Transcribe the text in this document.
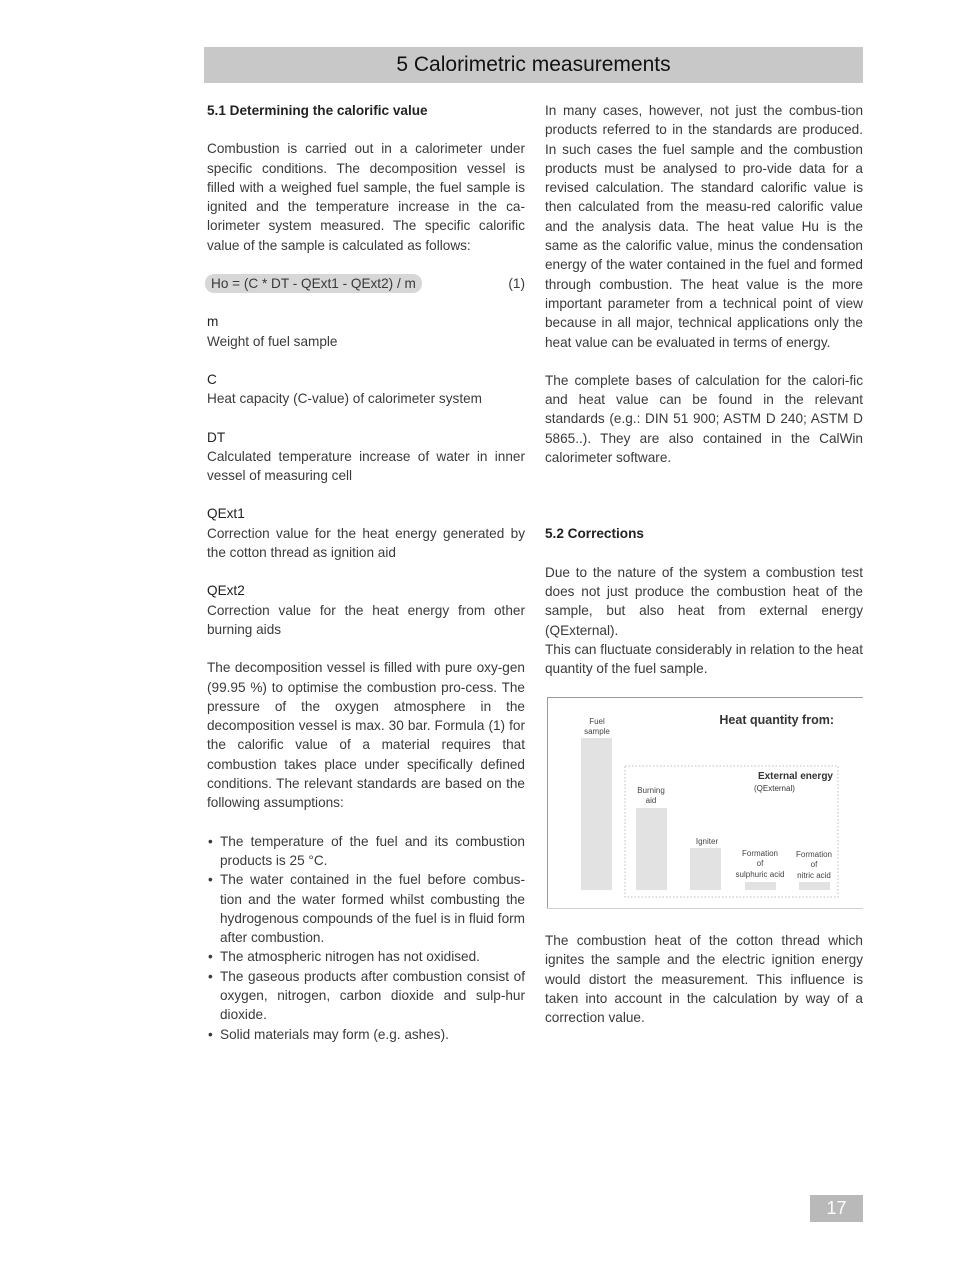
5 Calorimetric measurements

5.1 Determining the calorific value

Combustion is carried out in a calorimeter under specific conditions. The decomposition vessel is filled with a weighed fuel sample, the fuel sample is ignited and the temperature increase in the ca-lorimeter system measured. The specific calorific value of the sample is calculated as follows:

Ho = (C * DT - QExt1 - QExt2) / m	(1)
m

Weight of fuel sample

C

Heat capacity (C-value) of calorimeter system

DT

Calculated temperature increase of water in inner vessel of measuring cell

QExt1

Correction value for the heat energy generated by the cotton thread as ignition aid

QExt2

Correction value for the heat energy from other burning aids

The decomposition vessel is filled with pure oxy-gen (99.95 %) to optimise the combustion pro-cess. The pressure of the oxygen atmosphere in the decomposition vessel is max. 30 bar. Formula (1) for the calorific value of a material requires that combustion takes place under specifically defined conditions. The relevant standards are based on the following assumptions:

• The temperature of the fuel and its combustion products is 25 °C.
• The water contained in the fuel before combus-tion and the water formed whilst combusting the hydrogenous compounds of the fuel is in fluid form after combustion.
• The atmospheric nitrogen has not oxidised.
• The gaseous products after combustion consist of oxygen, nitrogen, carbon dioxide and sulp-hur dioxide.
• Solid materials may form (e.g. ashes).

In many cases, however, not just the combus-tion products referred to in the standards are produced. In such cases the fuel sample and the combustion products must be analysed to pro-vide data for a revised calculation. The standard calorific value is then calculated from the measu-red calorific value and the analysis data. The heat value Hu is the same as the calorific value, minus the condensation energy of the water contained in the fuel and formed through combustion. The heat value is the more important parameter from a technical point of view because in all major, technical applications only the heat value can be evaluated in terms of energy.

The complete bases of calculation for the calori-fic and heat value can be found in the relevant standards (e.g.: DIN 51 900; ASTM D 240; ASTM D 5865..). They are also contained in the CalWin calorimeter software.

5.2 Corrections

Due to the nature of the system a combustion test does not just produce the combustion heat of the sample, but also heat from external energy (QExternal).

This can fluctuate considerably in relation to the heat quantity of the fuel sample.

Heat quantity from:
External energy
(QExternal)
Fuel
sample
Burning
aid
Igniter
Formation
of
sulphuric acid
Formation
of
nitric acid

The combustion heat of the cotton thread which ignites the sample and the electric ignition energy would distort the measurement. This influence is taken into account in the calculation by way of a correction value.

17
